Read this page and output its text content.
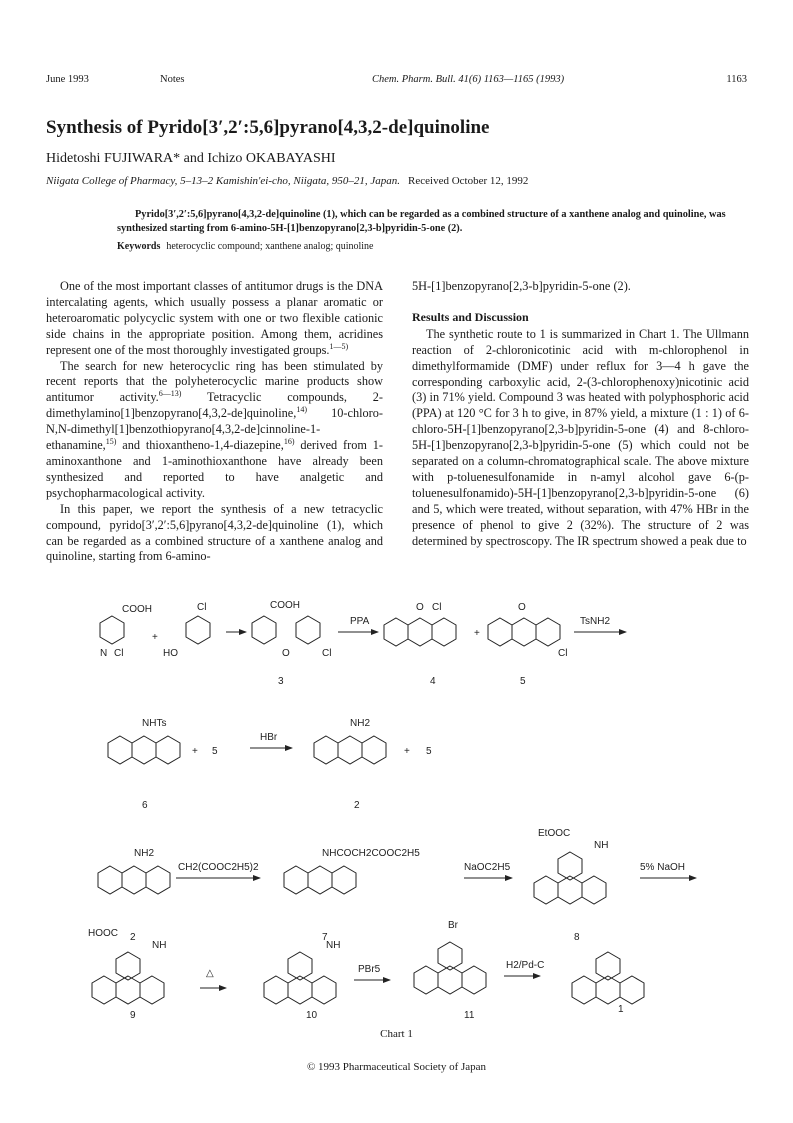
June 1993	Notes	Chem. Pharm. Bull. 41(6) 1163—1165 (1993)	1163
Synthesis of Pyrido[3′,2′:5,6]pyrano[4,3,2-de]quinoline
Hidetoshi FUJIWARA* and Ichizo OKABAYASHI
Niigata College of Pharmacy, 5–13–2 Kamishin'ei-cho, Niigata, 950–21, Japan. Received October 12, 1992
Pyrido[3′,2′:5,6]pyrano[4,3,2-de]quinoline (1), which can be regarded as a combined structure of a xanthene analog and quinoline, was synthesized starting from 6-amino-5H-[1]benzopyrano[2,3-b]pyridin-5-one (2).
Keywords heterocyclic compound; xanthene analog; quinoline

One of the most important classes of antitumor drugs is the DNA intercalating agents, which usually possess a planar aromatic or heteroaromatic polycyclic system with one or two flexible cationic side chains in the appropriate position. Among them, acridines represent one of the most thoroughly investigated groups.$^{1—5)}$

The search for new heterocyclic ring has been stimulated by recent reports that the polyheterocyclic marine products show antitumor activity.$^{6—13)}$ Tetracyclic compounds, 2-dimethylamino[1]benzopyrano[4,3,2-de]quinoline,$^{14)}$ 10-chloro-N,N-dimethyl[1]benzothiopyrano[4,3,2-de]cinnoline-1-ethanamine,$^{15)}$ and thioxantheno-1,4-diazepine,$^{16)}$ derived from 1-aminoxanthone and 1-aminothioxanthone have already been synthesized and reported to have analgetic and psychopharmacological activity.

In this paper, we report the synthesis of a new tetracyclic compound, pyrido[3′,2′:5,6]pyrano[4,3,2-de]quinoline (1), which can be regarded as a combined structure of a xanthene analog and quinoline, starting from 6-amino-

5H-[1]benzopyrano[2,3-b]pyridin-5-one (2).

Results and Discussion

The synthetic route to 1 is summarized in Chart 1. The Ullmann reaction of 2-chloronicotinic acid with m-chlorophenol in dimethylformamide (DMF) under reflux for 3—4 h gave the corresponding carboxylic acid, 2-(3-chlorophenoxy)nicotinic acid (3) in 71% yield. Compound 3 was heated with polyphosphoric acid (PPA) at 120 °C for 3 h to give, in 87% yield, a mixture (1 : 1) of 6-chloro-5H-[1]benzopyrano[2,3-b]pyridin-5-one (4) and 8-chloro-5H-[1]benzopyrano[2,3-b]pyridin-5-one (5) which could not be separated on a column-chromatographical scale. The above mixture with p-toluenesulfonamide in n-amyl alcohol gave 6-(p-toluenesulfonamido)-5H-[1]benzopyrano[2,3-b]pyridin-5-one (6) and 5, which were treated, without separation, with 47% HBr in the presence of phenol to give 2 (32%). The structure of 2 was determined by spectroscopy. The IR spectrum showed a peak due to

COOH
N Cl
+
Cl
HO
COOH
O	Cl
3
PPA
O Cl
4
+
O
Cl
5
TsNH2
NHTs
6
+ 5
HBr
NH2
2
+ 5
NH2
2
CH2(COOC2H5)2
NHCOCH2COOC2H5
7
NaOC2H5
EtOOC
NH
8
5% NaOH
HOOC
NH
9
△
NH
10
PBr5
Br
11
H2/Pd-C
1
Chart 1
© 1993 Pharmaceutical Society of Japan
